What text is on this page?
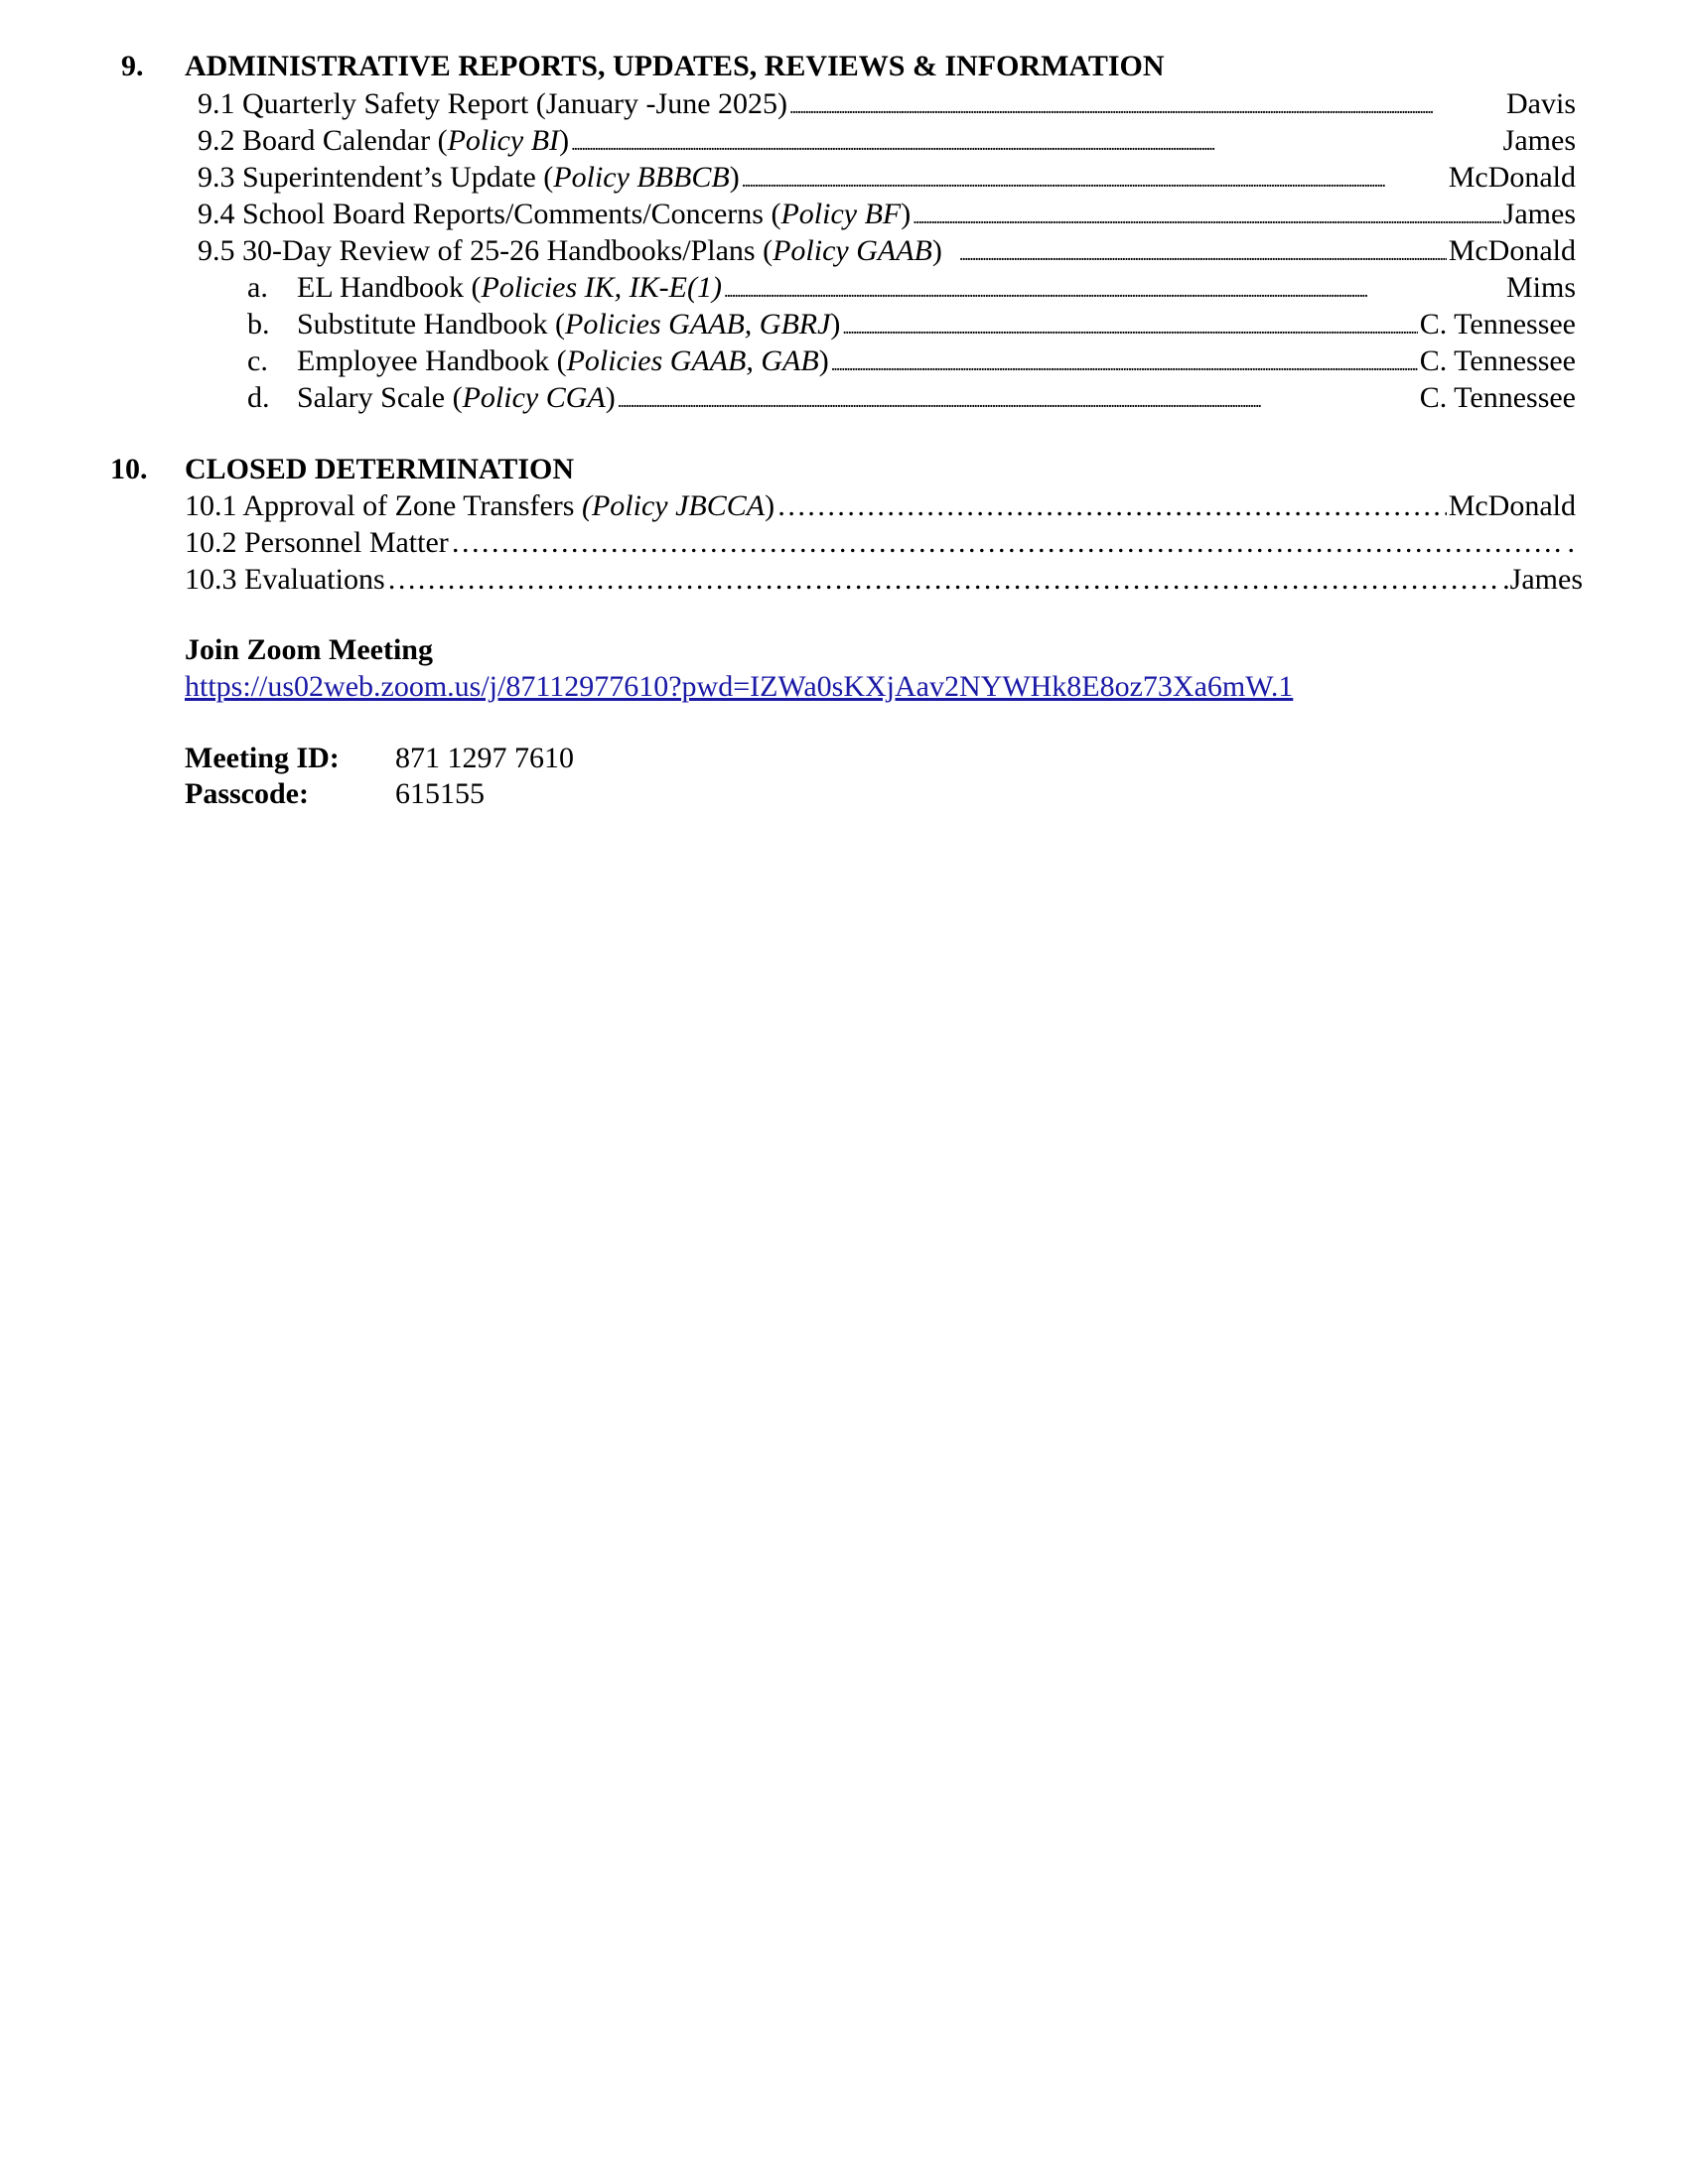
9. ADMINISTRATIVE REPORTS, UPDATES, REVIEWS & INFORMATION
9.1 Quarterly Safety Report (January -June 2025) . . .	Davis
9.2 Board Calendar (Policy BI) . . .	James
9.3 Superintendent’s Update (Policy BBBCB) . . .	McDonald
9.4 School Board Reports/Comments/Concerns (Policy BF) . . .	James
9.5 30-Day Review of 25-26 Handbooks/Plans (Policy GAAB) . . .	McDonald
a. EL Handbook (Policies IK, IK-E(1) . . .	Mims
b. Substitute Handbook (Policies GAAB, GBRJ) . . .	C. Tennessee
c. Employee Handbook (Policies GAAB, GAB) . . .	C. Tennessee
d. Salary Scale (Policy CGA) . . .	C. Tennessee
10. CLOSED DETERMINATION
10.1 Approval of Zone Transfers (Policy JBCCA) ………………………………………………………………………………………………………………………………………………………………………………………………………………………………………………………………………………………………	McDonald
10.2 Personnel Matter ………………………………………………………………………………………………………………………………………………………………………………………………………………………………………………………………………………………………	.
10.3 Evaluations ………………………………………………………………………………………………………………………………………………………………………………………………………………………………………………………………………………………………	.James
Join Zoom Meeting
https://us02web.zoom.us/j/87112977610?pwd=IZWa0sKXjAav2NYWHk8E8oz73Xa6mW.1
Meeting ID: 871 1297 7610
Passcode:	615155
